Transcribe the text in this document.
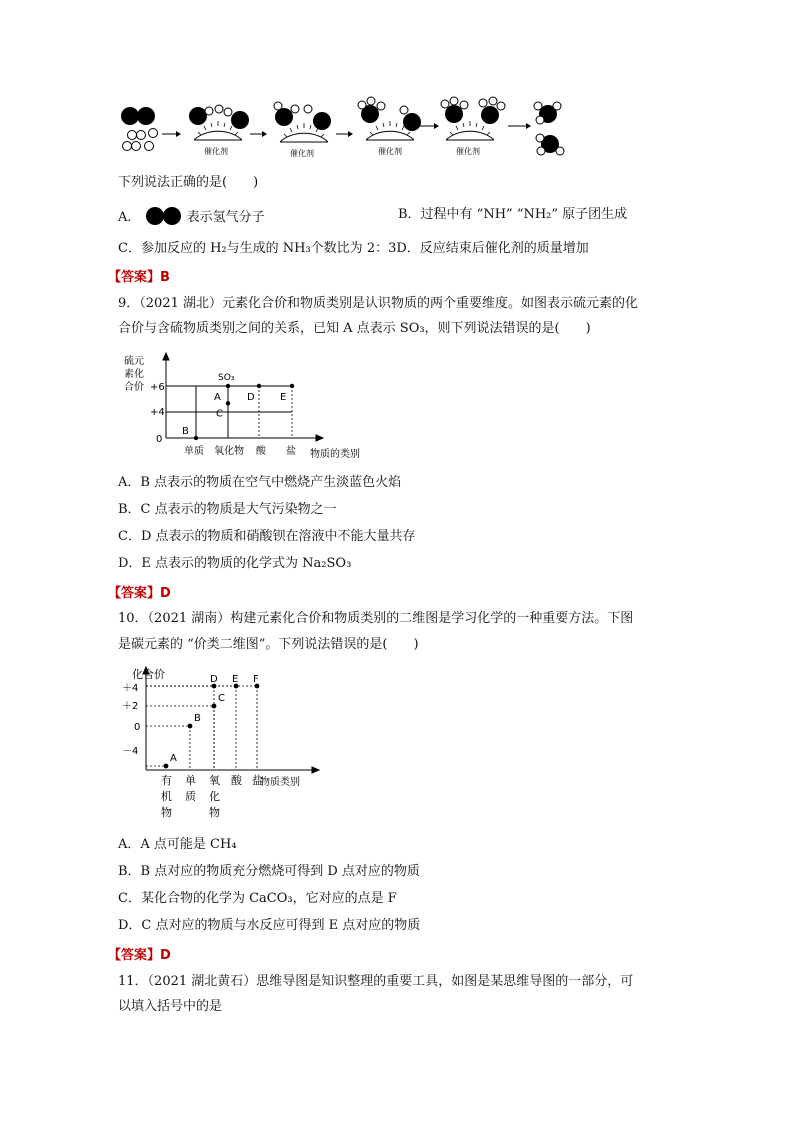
催化剂	催化剂	催化剂	催化剂
下列说法正确的是(　　)
A．	表示氢气分子	B．过程中有 “NH” “NH₂” 原子团生成
C．参加反应的 H₂与生成的 NH₃个数比为 2：3D．反应结束后催化剂的质量增加
【答案】B
9．（2021 湖北）元素化合价和物质类别是认识物质的两个重要维度。如图表示硫元素的化
合价与含硫物质类别之间的关系，已知 A 点表示 SO₃，则下列说法错误的是(　　)
硫元
素化
合价 +6
+4
0
单质 氧化物 酸 盐 物质的类别
SO₃
A
B
C
D	E
A．B 点表示的物质在空气中燃烧产生淡蓝色火焰
B．C 点表示的物质是大气污染物之一
C．D 点表示的物质和硝酸钡在溶液中不能大量共存
D．E 点表示的物质的化学式为 Na₂SO₃
【答案】D
10．（2021 湖南）构建元素化合价和物质类别的二维图是学习化学的一种重要方法。下图
是碳元素的 “价类二维图”。下列说法错误的是(　　)
化合价
＋4
＋2
0
－4
有机物
单质
氧化物
酸 盐
物质类别
A
B
C
D E F
A．A 点可能是 CH₄
B．B 点对应的物质充分燃烧可得到 D 点对应的物质
C．某化合物的化学为 CaCO₃，它对应的点是 F
D．C 点对应的物质与水反应可得到 E 点对应的物质
【答案】D
11．（2021 湖北黄石）思维导图是知识整理的重要工具，如图是某思维导图的一部分，可
以填入括号中的是
